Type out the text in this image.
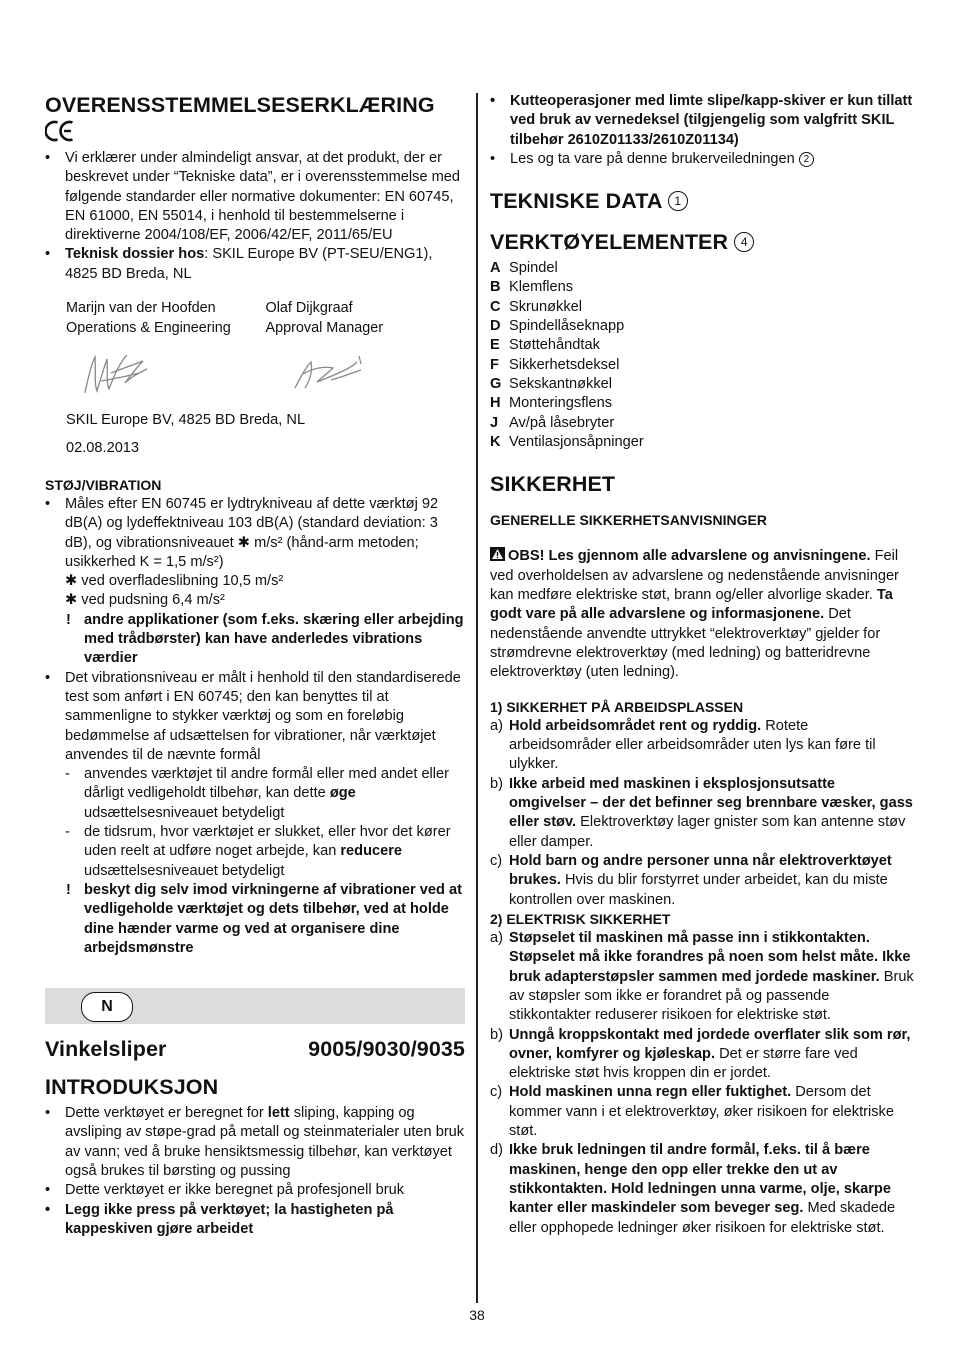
OVERENSSTEMMELSESERKLÆRING

• Vi erklærer under almindeligt ansvar, at det produkt, der er beskrevet under “Tekniske data”, er i overensstemmelse med følgende standarder eller normative dokumenter: EN 60745, EN 61000, EN 55014, i henhold til bestemmelserne i direktiverne 2004/108/EF, 2006/42/EF, 2011/65/EU

• Teknisk dossier hos: SKIL Europe BV (PT-SEU/ENG1), 4825 BD Breda, NL

Marijn van der Hoofden
Operations & Engineering
Olaf Dijkgraaf
Approval Manager

SKIL Europe BV, 4825 BD Breda, NL

02.08.2013

STØJ/VIBRATION

• Måles efter EN 60745 er lydtrykniveau af dette værktøj 92 dB(A) og lydeffektniveau 103 dB(A) (standard deviation: 3 dB), og vibrationsniveauet ✱ m/s² (hånd-arm metoden; usikkerhed K = 1,5 m/s²)

✱ ved overfladeslibning 10,5 m/s²

✱ ved pudsning 6,4 m/s²

! andre applikationer (som f.eks. skæring eller arbejding med trådbørster) kan have anderledes vibrations værdier

• Det vibrationsniveau er målt i henhold til den standardiserede test som anført i EN 60745; den kan benyttes til at sammenligne to stykker værktøj og som en foreløbig bedømmelse af udsættelsen for vibrationer, når værktøjet anvendes til de nævnte formål

- anvendes værktøjet til andre formål eller med andet eller dårligt vedligeholdt tilbehør, kan dette øge udsættelsesniveauet betydeligt

- de tidsrum, hvor værktøjet er slukket, eller hvor det kører uden reelt at udføre noget arbejde, kan reducere udsættelsesniveauet betydeligt

! beskyt dig selv imod virkningerne af vibrationer ved at vedligeholde værktøjet og dets tilbehør, ved at holde dine hænder varme og ved at organisere dine arbejdsmønstre

N
Vinkelsliper	9005/9030/9035
INTRODUKSJON

• Dette verktøyet er beregnet for lett sliping, kapping og avsliping av støpe-grad på metall og steinmaterialer uten bruk av vann; ved å bruke hensiktsmessig tilbehør, kan verktøyet også brukes til børsting og pussing

• Dette verktøyet er ikke beregnet på profesjonell bruk

• Legg ikke press på verktøyet; la hastigheten på kappeskiven gjøre arbeidet

• Kutteoperasjoner med limte slipe/kapp-skiver er kun tillatt ved bruk av vernedeksel (tilgjengelig som valgfritt SKIL tilbehør 2610Z01133/2610Z01134)

• Les og ta vare på denne brukerveiledningen 2

TEKNISKE DATA 1
VERKTØYELEMENTER 4
A Spindel
B Klemflens
C Skrunøkkel
D Spindellåseknapp
E Støttehåndtak
F Sikkerhetsdeksel
G Sekskantnøkkel
H Monteringsflens
J Av/på låsebryter
K Ventilasjonsåpninger
SIKKERHET
GENERELLE SIKKERHETSANVISNINGER

OBS! Les gjennom alle advarslene og anvisningene. Feil ved overholdelsen av advarslene og nedenstående anvisninger kan medføre elektriske støt, brann og/eller alvorlige skader. Ta godt vare på alle advarslene og informasjonene. Det nedenstående anvendte uttrykket “elektroverktøy” gjelder for strømdrevne elektroverktøy (med ledning) og batteridrevne elektroverktøy (uten ledning).

1) SIKKERHET PÅ ARBEIDSPLASSEN

a) Hold arbeidsområdet rent og ryddig. Rotete arbeidsområder eller arbeidsområder uten lys kan føre til ulykker.

b) Ikke arbeid med maskinen i eksplosjonsutsatte omgivelser – der det befinner seg brennbare væsker, gass eller støv. Elektroverktøy lager gnister som kan antenne støv eller damper.

c) Hold barn og andre personer unna når elektroverktøyet brukes. Hvis du blir forstyrret under arbeidet, kan du miste kontrollen over maskinen.

2) ELEKTRISK SIKKERHET

a) Støpselet til maskinen må passe inn i stikkontakten. Støpselet må ikke forandres på noen som helst måte. Ikke bruk adapterstøpsler sammen med jordede maskiner. Bruk av støpsler som ikke er forandret på og passende stikkontakter reduserer risikoen for elektriske støt.

b) Unngå kroppskontakt med jordede overflater slik som rør, ovner, komfyrer og kjøleskap. Det er større fare ved elektriske støt hvis kroppen din er jordet.

c) Hold maskinen unna regn eller fuktighet. Dersom det kommer vann i et elektroverktøy, øker risikoen for elektriske støt.

d) Ikke bruk ledningen til andre formål, f.eks. til å bære maskinen, henge den opp eller trekke den ut av stikkontakten. Hold ledningen unna varme, olje, skarpe kanter eller maskindeler som beveger seg. Med skadede eller opphopede ledninger øker risikoen for elektriske støt.

38
